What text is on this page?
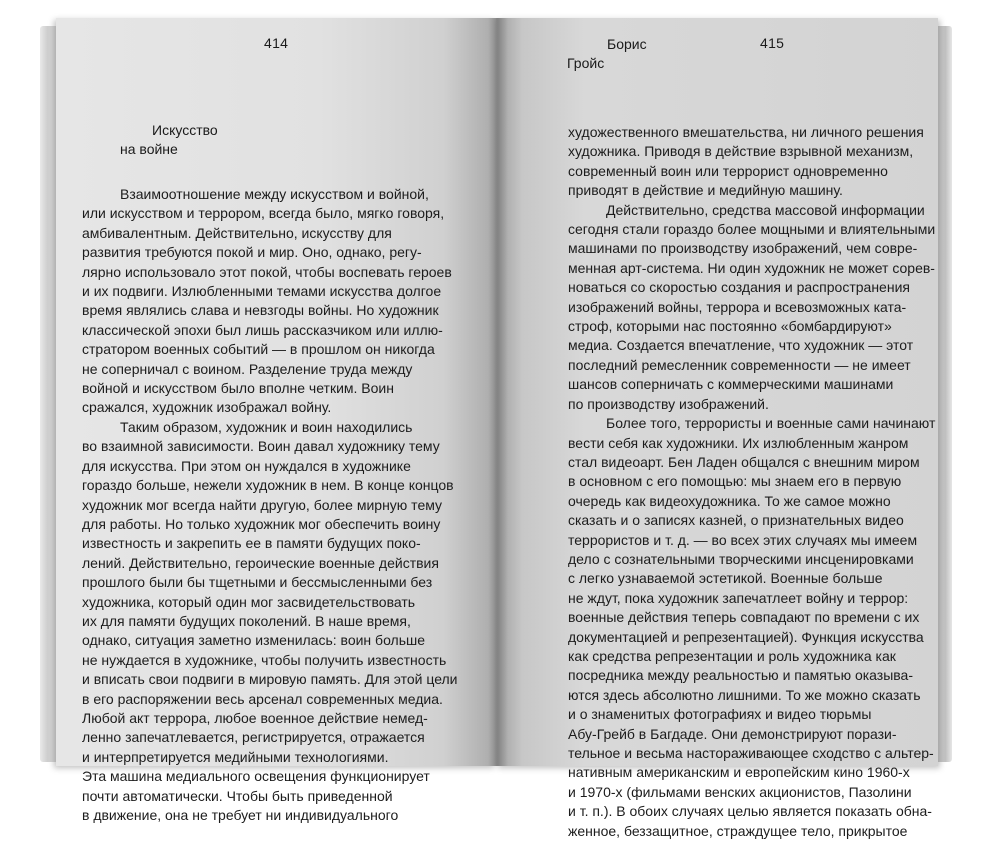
414
Искусство
на войне
Взаимоотношение между искусством и войной,
или искусством и террором, всегда было, мягко говоря,
амбивалентным. Действительно, искусству для
развития требуются покой и мир. Оно, однако, регу-
лярно использовало этот покой, чтобы воспевать героев
и их подвиги. Излюбленными темами искусства долгое
время являлись слава и невзгоды войны. Но художник
классической эпохи был лишь рассказчиком или иллю-
стратором военных событий — в прошлом он никогда
не соперничал с воином. Разделение труда между
войной и искусством было вполне четким. Воин
сражался, художник изображал войну.
Таким образом, художник и воин находились
во взаимной зависимости. Воин давал художнику тему
для искусства. При этом он нуждался в художнике
гораздо больше, нежели художник в нем. В конце концов
художник мог всегда найти другую, более мирную тему
для работы. Но только художник мог обеспечить воину
известность и закрепить ее в памяти будущих поко-
лений. Действительно, героические военные действия
прошлого были бы тщетными и бессмысленными без
художника, который один мог засвидетельствовать
их для памяти будущих поколений. В наше время,
однако, ситуация заметно изменилась: воин больше
не нуждается в художнике, чтобы получить известность
и вписать свои подвиги в мировую память. Для этой цели
в его распоряжении весь арсенал современных медиа.
Любой акт террора, любое военное действие немед-
ленно запечатлевается, регистрируется, отражается
и интерпретируется медийными технологиями.
Эта машина медиального освещения функционирует
почти автоматически. Чтобы быть приведенной
в движение, она не требует ни индивидуального
Борис
Гройс
415
художественного вмешательства, ни личного решения
художника. Приводя в действие взрывной механизм,
современный воин или террорист одновременно
приводят в действие и медийную машину.
Действительно, средства массовой информации
сегодня стали гораздо более мощными и влиятельными
машинами по производству изображений, чем совре-
менная арт-система. Ни один художник не может сорев-
новаться со скоростью создания и распространения
изображений войны, террора и всевозможных ката-
строф, которыми нас постоянно «бомбардируют»
медиа. Создается впечатление, что художник — этот
последний ремесленник современности — не имеет
шансов соперничать с коммерческими машинами
по производству изображений.
Более того, террористы и военные сами начинают
вести себя как художники. Их излюбленным жанром
стал видеоарт. Бен Ладен общался с внешним миром
в основном с его помощью: мы знаем его в первую
очередь как видеохудожника. То же самое можно
сказать и о записях казней, о признательных видео
террористов и т. д. — во всех этих случаях мы имеем
дело с сознательными творческими инсценировками
с легко узнаваемой эстетикой. Военные больше
не ждут, пока художник запечатлеет войну и террор:
военные действия теперь совпадают по времени с их
документацией и репрезентацией). Функция искусства
как средства репрезентации и роль художника как
посредника между реальностью и памятью оказыва-
ются здесь абсолютно лишними. То же можно сказать
и о знаменитых фотографиях и видео тюрьмы
Абу-Грейб в Багдаде. Они демонстрируют порази-
тельное и весьма настораживающее сходство с альтер-
нативным американским и европейским кино 1960-х
и 1970-х (фильмами венских акционистов, Пазолини
и т. п.). В обоих случаях целью является показать обна-
женное, беззащитное, страждущее тело, прикрытое
